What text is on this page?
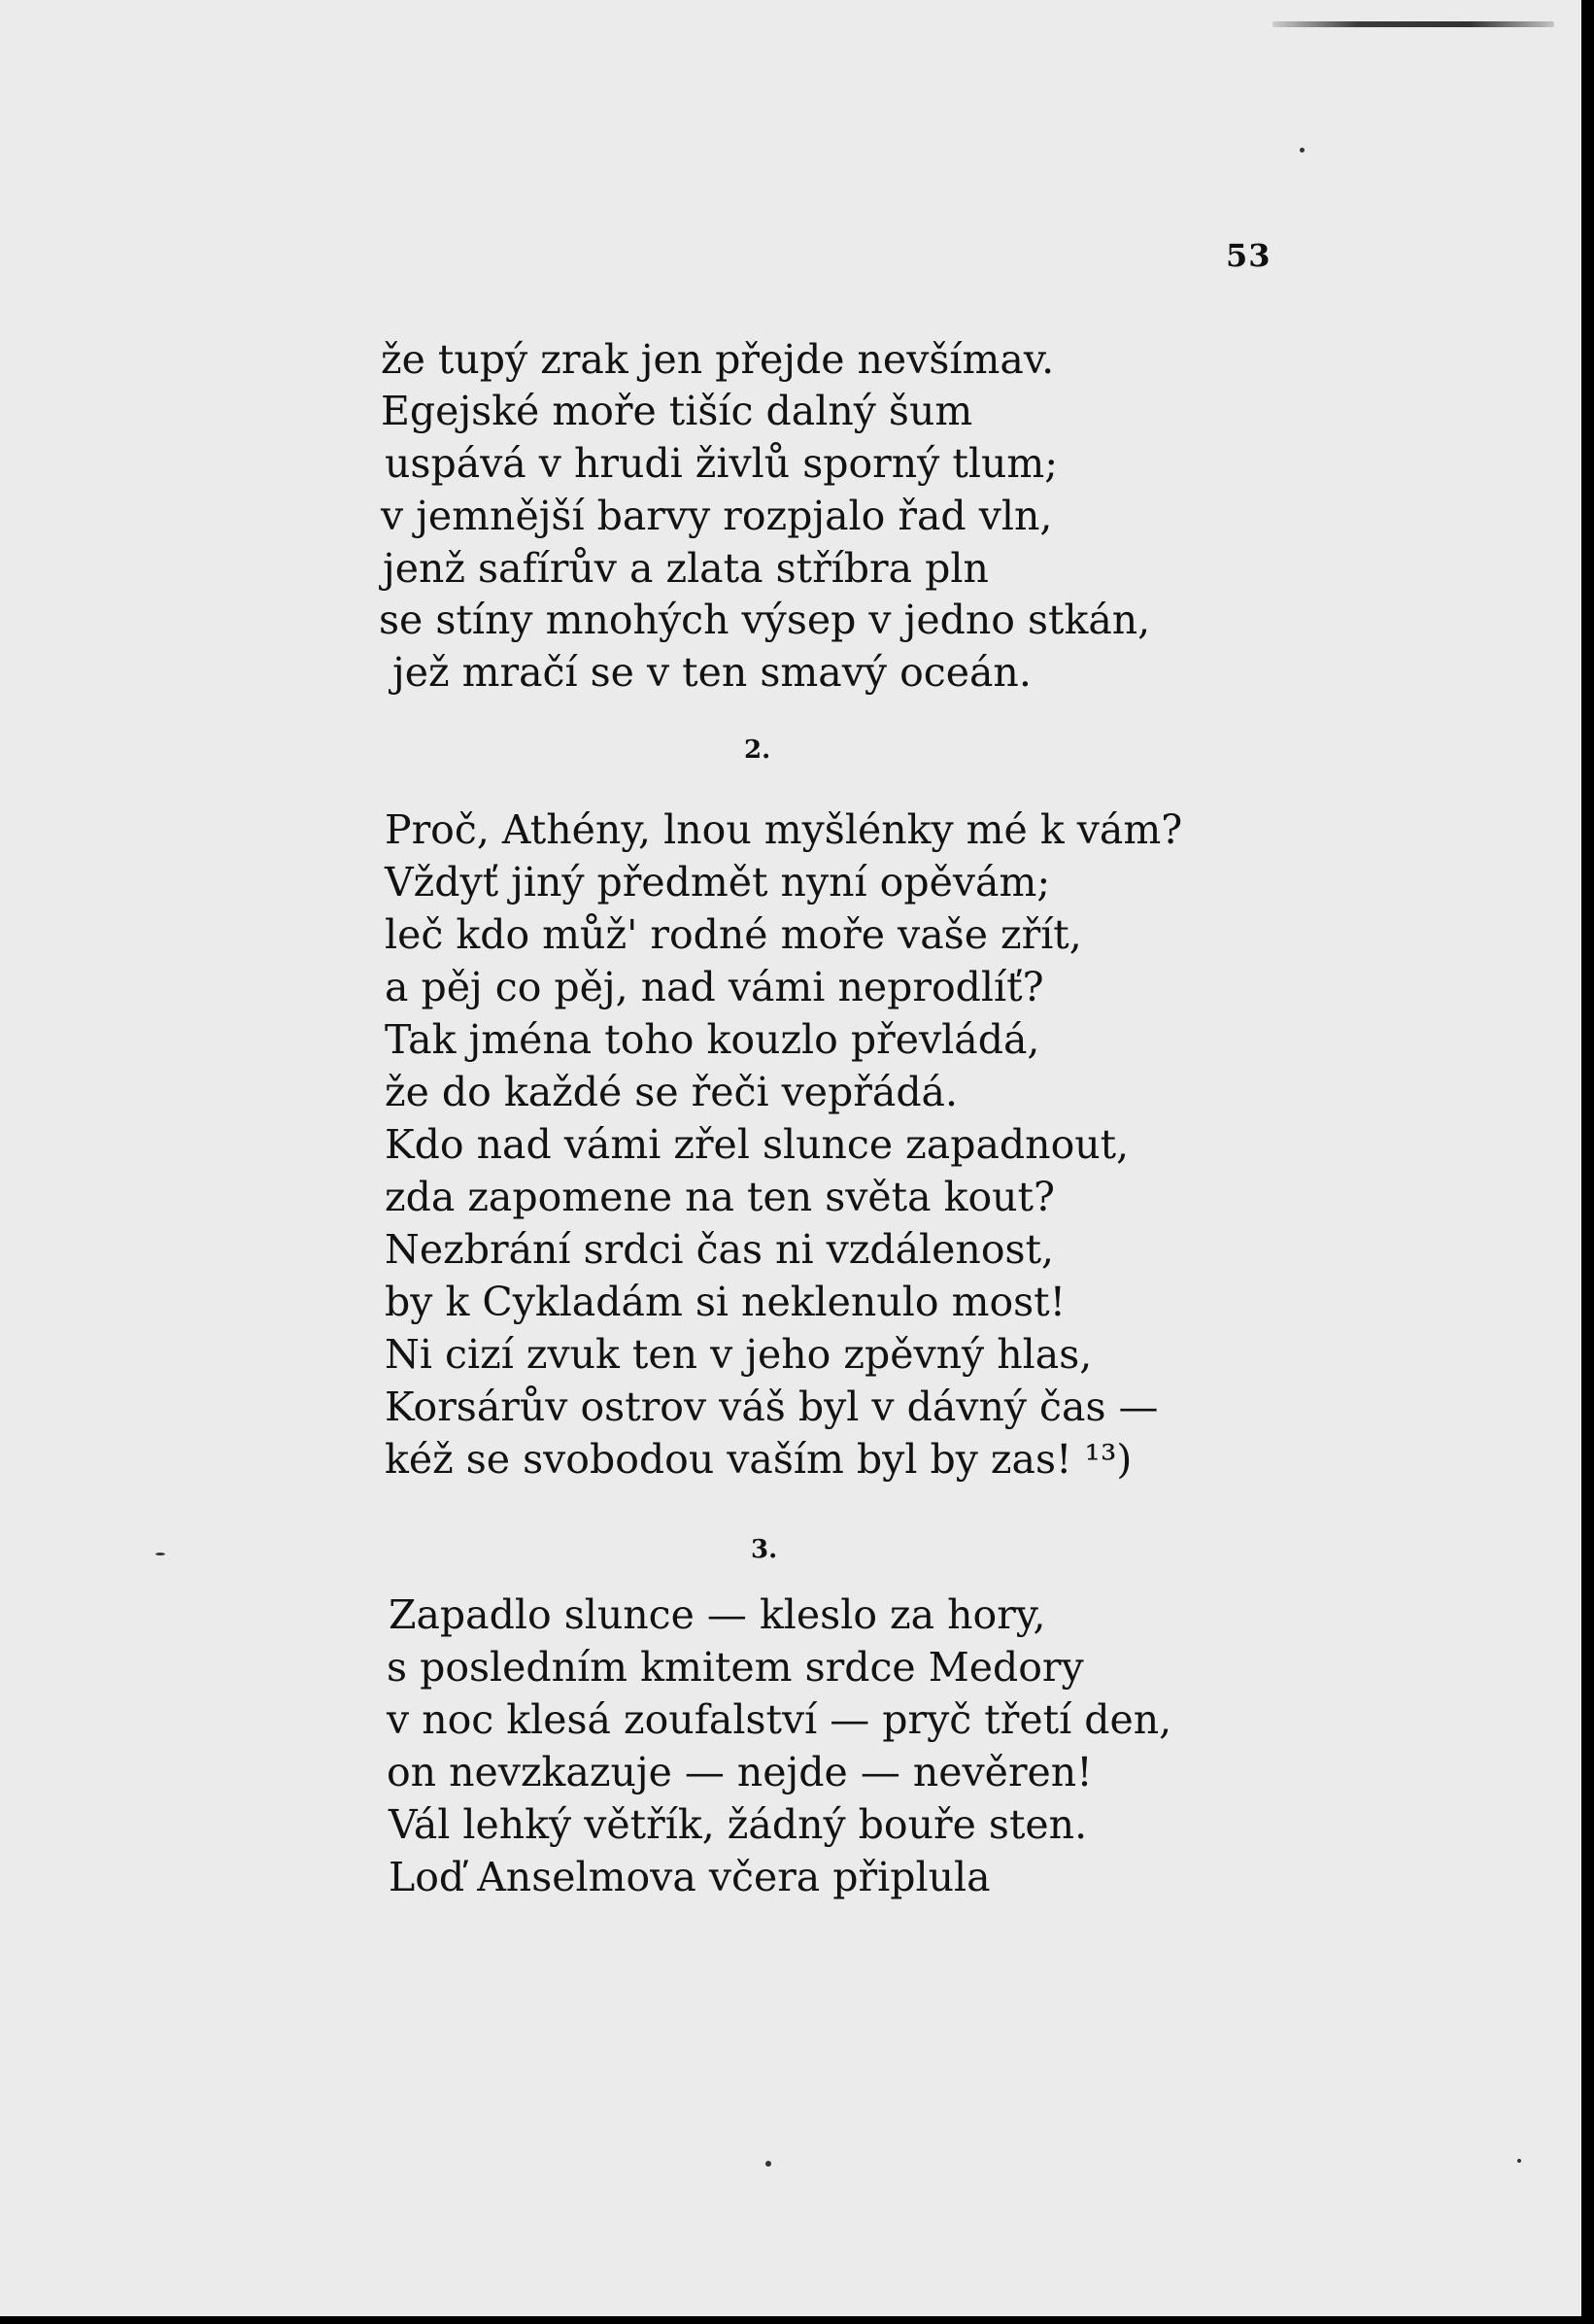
53
že tupý zrak jen přejde nevšímav.
Egejské moře tišíc dalný šum
uspává v hrudi živlů sporný tlum;
v jemnější barvy rozpjalo řad vln,
jenž safírův a zlata stříbra pln
se stíny mnohých výsep v jedno stkán,
jež mračí se v ten smavý oceán.
2.
Proč, Athény, lnou myšlénky mé k vám?
Vždyť jiný předmět nyní opěvám;
leč kdo můž' rodné moře vaše zřít,
a pěj co pěj, nad vámi neprodlíť?
Tak jména toho kouzlo převládá,
že do každé se řeči vepřádá.
Kdo nad vámi zřel slunce zapadnout,
zda zapomene na ten světa kout?
Nezbrání srdci čas ni vzdálenost,
by k Cykladám si neklenulo most!
Ni cizí zvuk ten v jeho zpěvný hlas,
Korsárův ostrov váš byl v dávný čas —
kéž se svobodou vaším byl by zas! ¹³)
3.
Zapadlo slunce — kleslo za hory,
s posledním kmitem srdce Medory
v noc klesá zoufalství — pryč třetí den,
on nevzkazuje — nejde — nevěren!
Vál lehký větřík, žádný bouře sten.
Loď Anselmova včera připlula
